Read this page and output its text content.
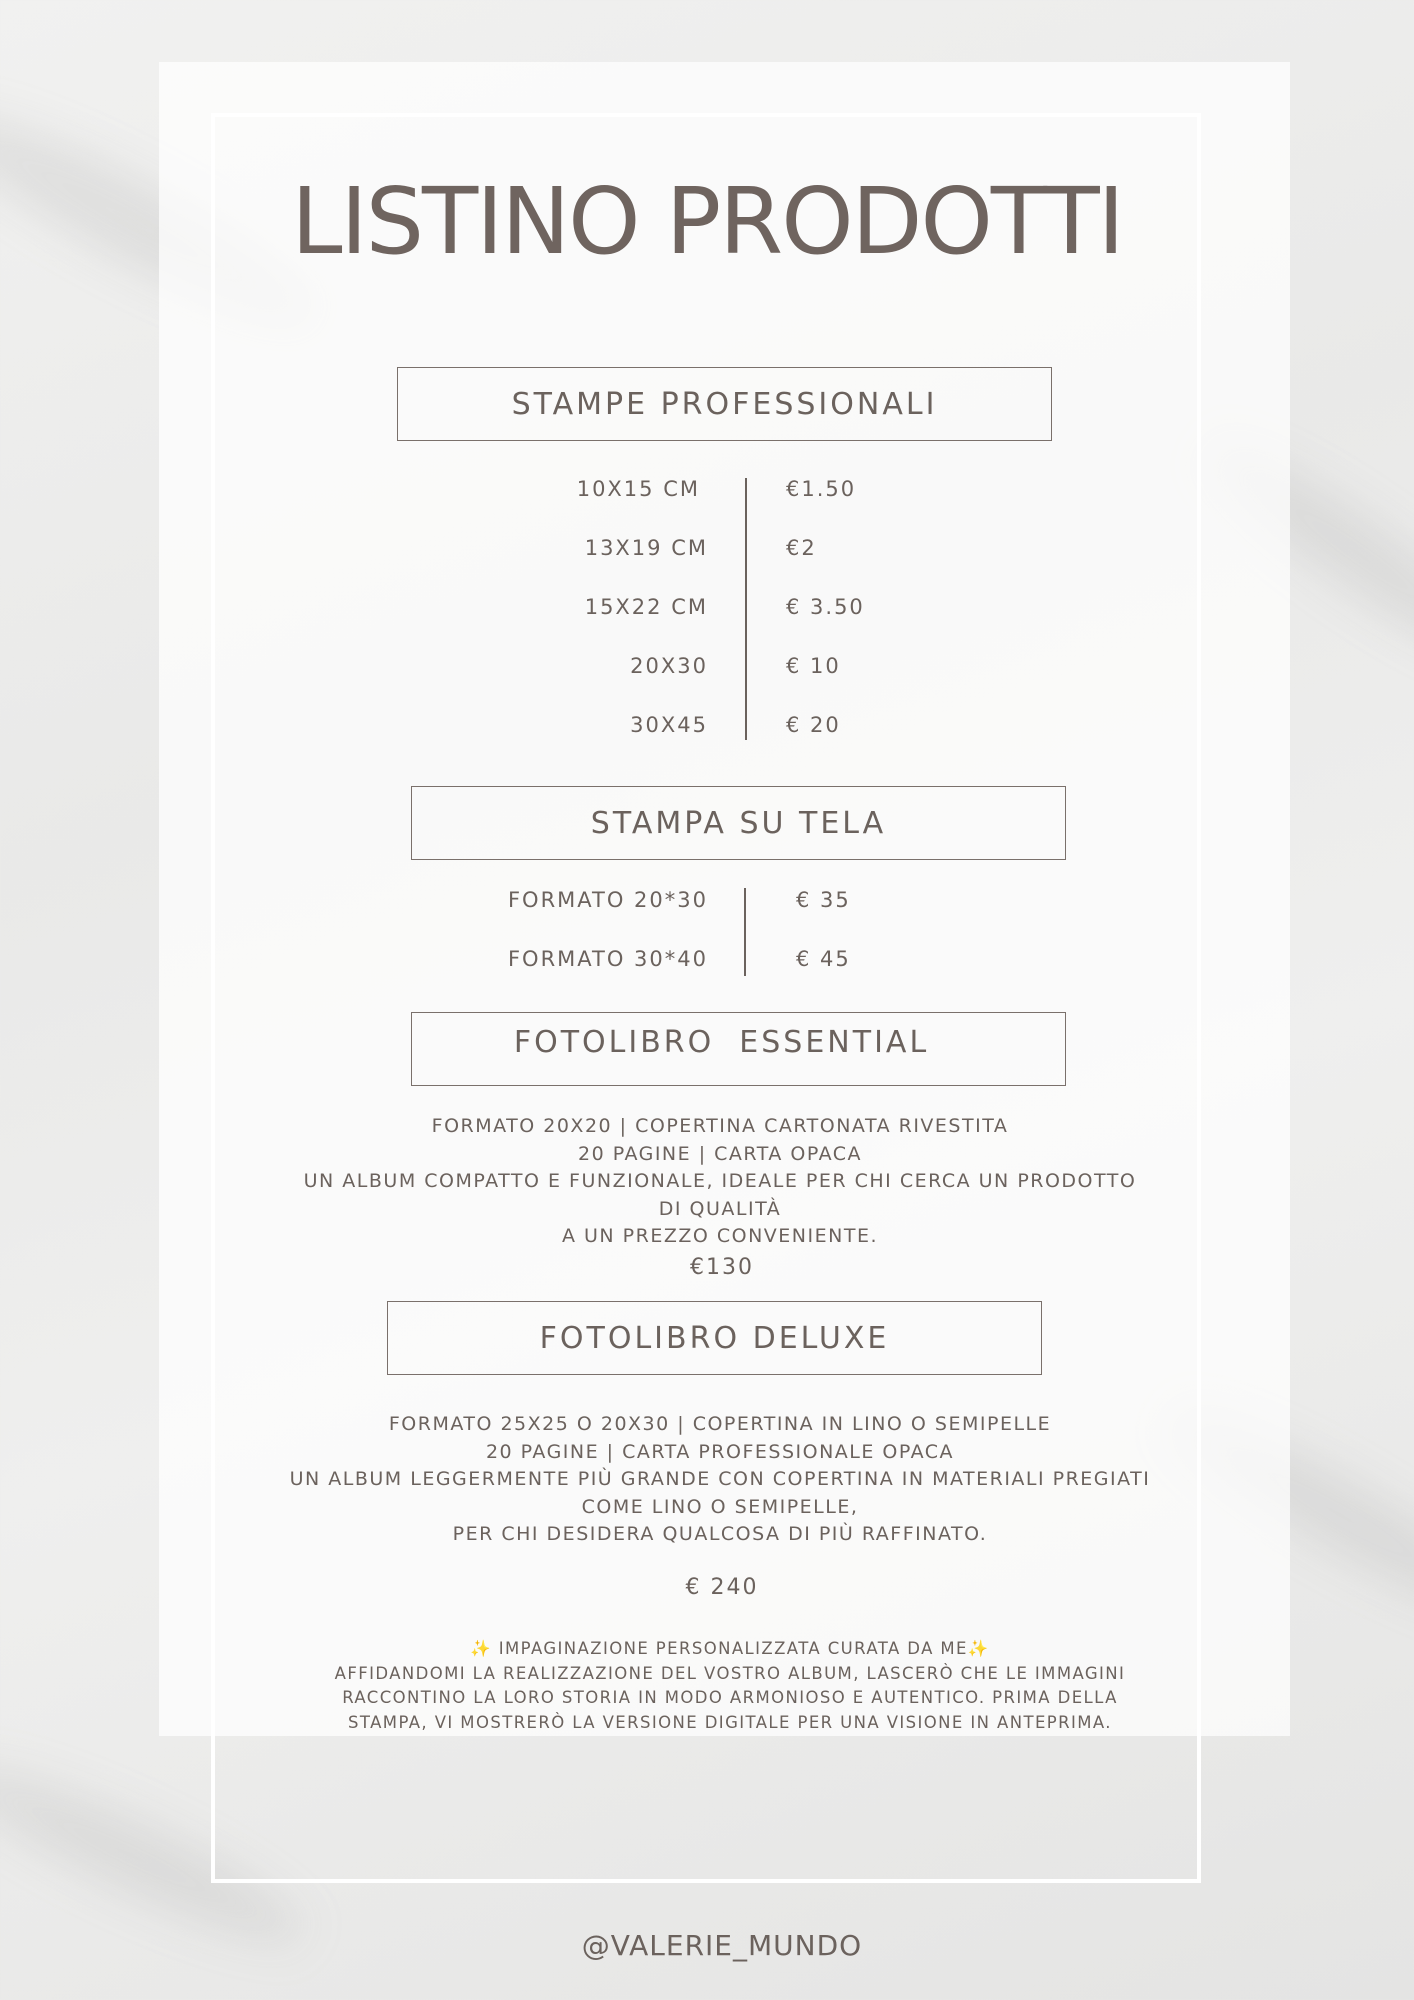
LISTINO PRODOTTI
STAMPE PROFESSIONALI
10X15 CM	€1.50
13X19 CM	€2
15X22 CM	€ 3.50
20X30	€ 10
30X45	€ 20
STAMPA SU TELA
FORMATO 20*30	€ 35
FORMATO 30*40	€ 45
FOTOLIBRO  ESSENTIAL
FORMATO 20X20 | COPERTINA CARTONATA RIVESTITA
20 PAGINE | CARTA OPACA
UN ALBUM COMPATTO E FUNZIONALE, IDEALE PER CHI CERCA UN PRODOTTO
DI QUALITÀ
A UN PREZZO CONVENIENTE.
€130
FOTOLIBRO DELUXE
FORMATO 25X25 O 20X30 | COPERTINA IN LINO O SEMIPELLE
20 PAGINE | CARTA PROFESSIONALE OPACA
UN ALBUM LEGGERMENTE PIÙ GRANDE CON COPERTINA IN MATERIALI PREGIATI
COME LINO O SEMIPELLE,
PER CHI DESIDERA QUALCOSA DI PIÙ RAFFINATO.
€ 240
✨ IMPAGINAZIONE PERSONALIZZATA CURATA DA ME✨
AFFIDANDOMI LA REALIZZAZIONE DEL VOSTRO ALBUM, LASCERÒ CHE LE IMMAGINI
RACCONTINO LA LORO STORIA IN MODO ARMONIOSO E AUTENTICO. PRIMA DELLA
STAMPA, VI MOSTRERÒ LA VERSIONE DIGITALE PER UNA VISIONE IN ANTEPRIMA.
@VALERIE_MUNDO
